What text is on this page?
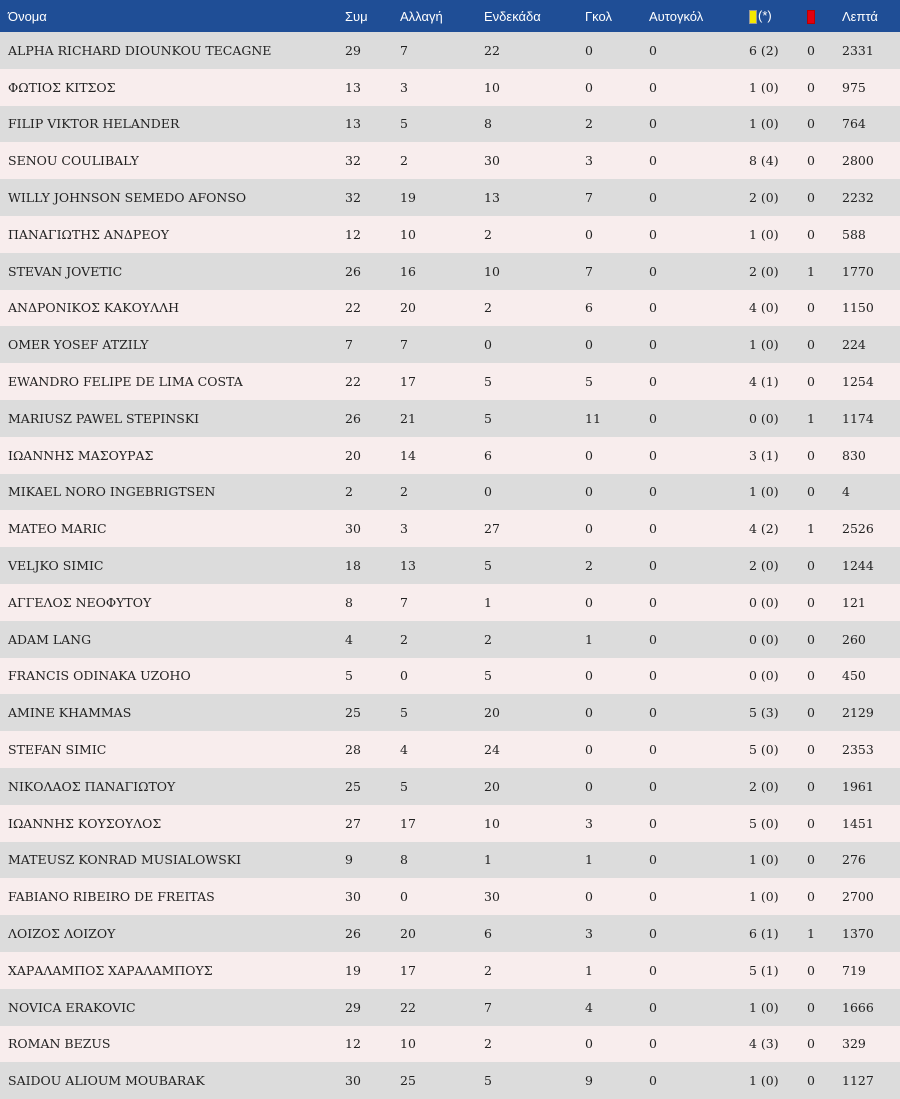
Όνομα	Συμ	Αλλαγή	Ενδεκάδα	Γκολ	Αυτογκόλ	(*)		Λεπτά
ALPHA RICHARD DIOUNKOU TECAGNE	29	7	22	0	0	6 (2)	0	2331
ΦΩΤΙΟΣ ΚΙΤΣΟΣ	13	3	10	0	0	1 (0)	0	975
FILIP VIKTOR HELANDER	13	5	8	2	0	1 (0)	0	764
SENOU COULIBALY	32	2	30	3	0	8 (4)	0	2800
WILLY JOHNSON SEMEDO AFONSO	32	19	13	7	0	2 (0)	0	2232
ΠΑΝΑΓΙΩΤΗΣ ΑΝΔΡΕΟΥ	12	10	2	0	0	1 (0)	0	588
STEVAN JOVETIC	26	16	10	7	0	2 (0)	1	1770
ΑΝΔΡΟΝΙΚΟΣ ΚΑΚΟΥΛΛΗ	22	20	2	6	0	4 (0)	0	1150
OMER YOSEF ATZILY	7	7	0	0	0	1 (0)	0	224
EWANDRO FELIPE DE LIMA COSTA	22	17	5	5	0	4 (1)	0	1254
MARIUSZ PAWEL STEPINSKI	26	21	5	11	0	0 (0)	1	1174
ΙΩΑΝΝΗΣ ΜΑΣΟΥΡΑΣ	20	14	6	0	0	3 (1)	0	830
MIKAEL NORO INGEBRIGTSEN	2	2	0	0	0	1 (0)	0	4
MATEO MARIC	30	3	27	0	0	4 (2)	1	2526
VELJKO SIMIC	18	13	5	2	0	2 (0)	0	1244
ΑΓΓΕΛΟΣ ΝΕΟΦΥΤΟΥ	8	7	1	0	0	0 (0)	0	121
ADAM LANG	4	2	2	1	0	0 (0)	0	260
FRANCIS ODINAKA UZOHO	5	0	5	0	0	0 (0)	0	450
AMINE KHAMMAS	25	5	20	0	0	5 (3)	0	2129
STEFAN SIMIC	28	4	24	0	0	5 (0)	0	2353
ΝΙΚΟΛΑΟΣ ΠΑΝΑΓΙΩΤΟΥ	25	5	20	0	0	2 (0)	0	1961
ΙΩΑΝΝΗΣ ΚΟΥΣΟΥΛΟΣ	27	17	10	3	0	5 (0)	0	1451
MATEUSZ KONRAD MUSIALOWSKI	9	8	1	1	0	1 (0)	0	276
FABIANO RIBEIRO DE FREITAS	30	0	30	0	0	1 (0)	0	2700
ΛΟΙΖΟΣ ΛΟΙΖΟΥ	26	20	6	3	0	6 (1)	1	1370
ΧΑΡΑΛΑΜΠΟΣ ΧΑΡΑΛΑΜΠΟΥΣ	19	17	2	1	0	5 (1)	0	719
NOVICA ERAKOVIC	29	22	7	4	0	1 (0)	0	1666
ROMAN BEZUS	12	10	2	0	0	4 (3)	0	329
SAIDOU ALIOUM MOUBARAK	30	25	5	9	0	1 (0)	0	1127
